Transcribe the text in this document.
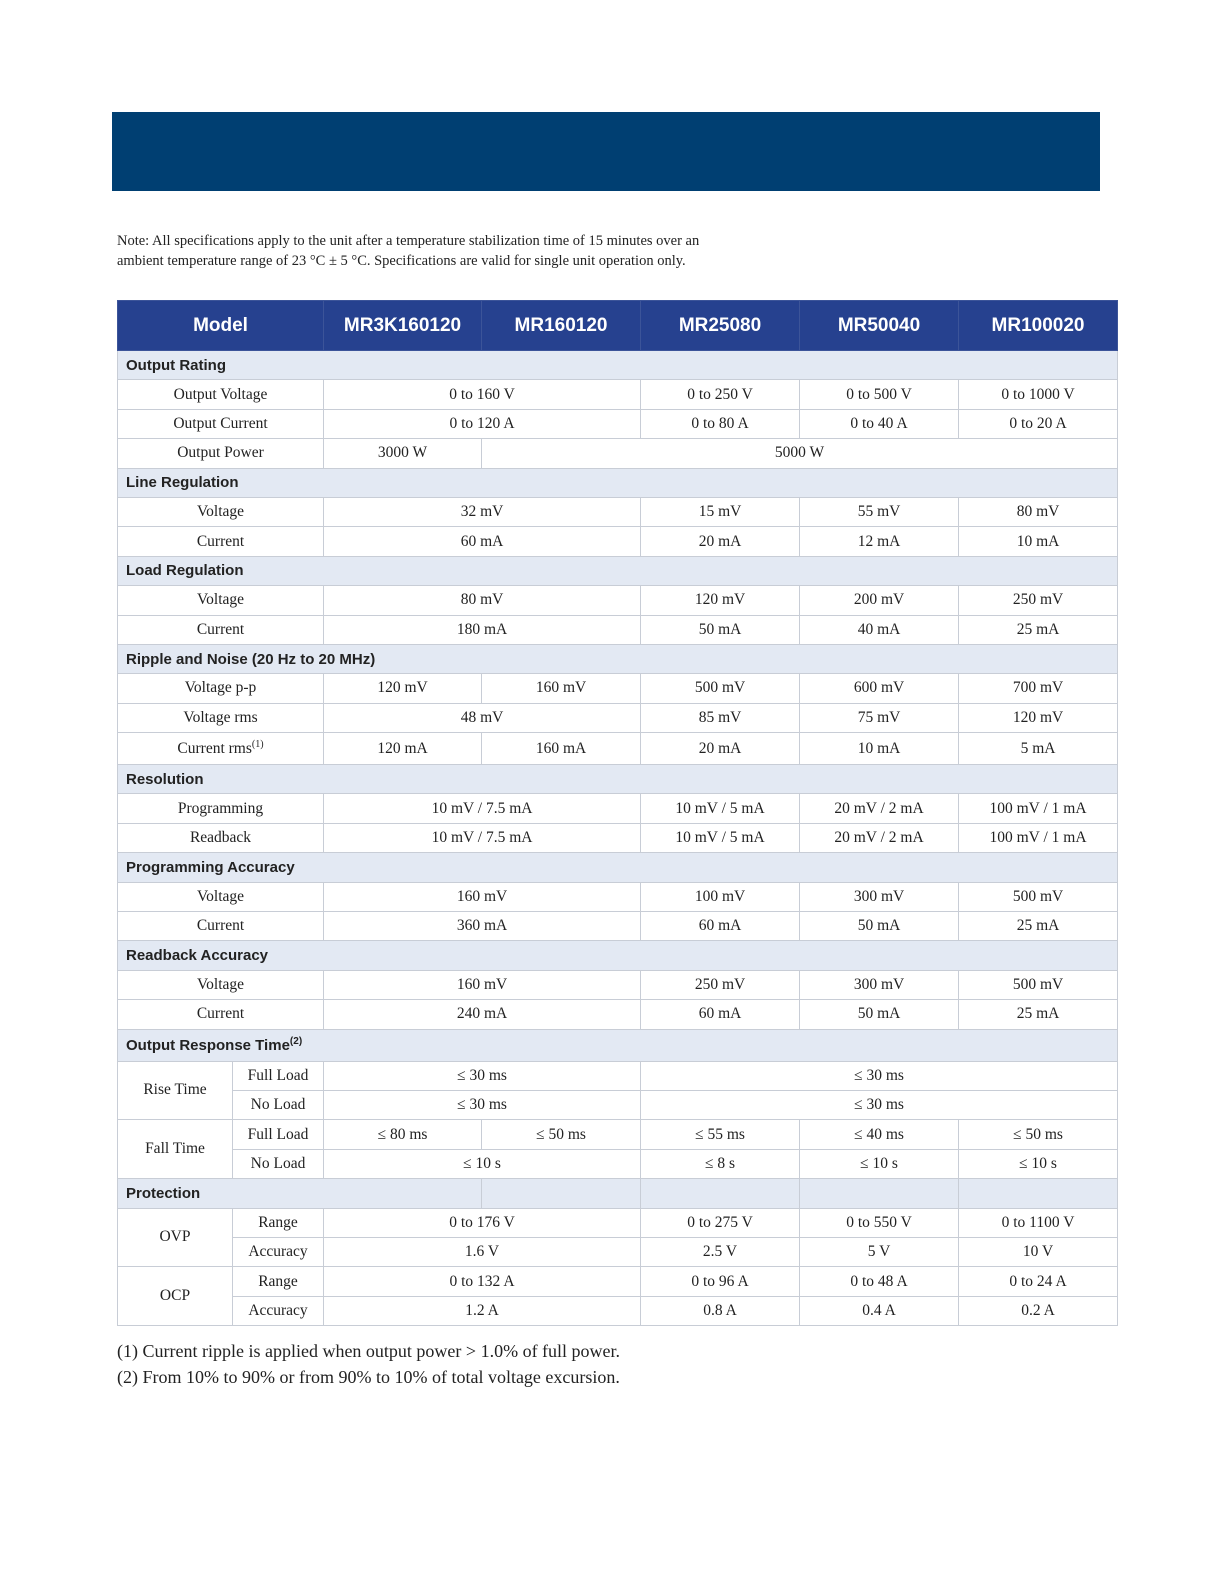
Note: All specifications apply to the unit after a temperature stabilization time of 15 minutes over an
ambient temperature range of 23 °C ± 5 °C. Specifications are valid for single unit operation only.
Model		MR3K160120	MR160120	MR25080	MR50040	MR100020
Output Rating						
Output Voltage		0 to 160 V		0 to 250 V	0 to 500 V	0 to 1000 V
Output Current		0 to 120 A		0 to 80 A	0 to 40 A	0 to 20 A
Output Power		3000 W	5000 W			
Line Regulation						
Voltage		32 mV		15 mV	55 mV	80 mV
Current		60 mA		20 mA	12 mA	10 mA
Load Regulation						
Voltage		80 mV		120 mV	200 mV	250 mV
Current		180 mA		50 mA	40 mA	25 mA
Ripple and Noise (20 Hz to 20 MHz)						
Voltage p-p		120 mV	160 mV	500 mV	600 mV	700 mV
Voltage rms		48 mV		85 mV	75 mV	120 mV
Current rms$^{(1)}$		120 mA	160 mA	20 mA	10 mA	5 mA
Resolution						
Programming		10 mV / 7.5 mA		10 mV / 5 mA	20 mV / 2 mA	100 mV / 1 mA
Readback		10 mV / 7.5 mA		10 mV / 5 mA	20 mV / 2 mA	100 mV / 1 mA
Programming Accuracy						
Voltage		160 mV		100 mV	300 mV	500 mV
Current		360 mA		60 mA	50 mA	25 mA
Readback Accuracy						
Voltage		160 mV		250 mV	300 mV	500 mV
Current		240 mA		60 mA	50 mA	25 mA
Output Response Time$^{(2)}$
Rise Time	Full Load	≤ 30 ms		≤ 30 ms		
	No Load	≤ 30 ms		≤ 30 ms		
Fall Time	Full Load	≤ 80 ms	≤ 50 ms	≤ 55 ms	≤ 40 ms	≤ 50 ms
	No Load	≤ 10 s		≤ 8 s	≤ 10 s	≤ 10 s
Protection						
OVP	Range	0 to 176 V		0 to 275 V	0 to 550 V	0 to 1100 V
	Accuracy	1.6 V		2.5 V	5 V	10 V
OCP	Range	0 to 132 A		0 to 96 A	0 to 48 A	0 to 24 A
	Accuracy	1.2 A		0.8 A	0.4 A	0.2 A
(1) Current ripple is applied when output power > 1.0% of full power.
(2) From 10% to 90% or from 90% to 10% of total voltage excursion.
